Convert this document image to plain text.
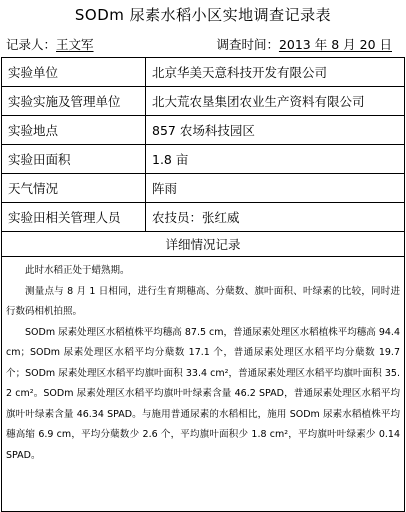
SODm 尿素水稻小区实地调查记录表
记录人：王文军	调查时间：2013 年 8 月 20 日
实验单位	北京华美天意科技开发有限公司
实验实施及管理单位	北大荒农垦集团农业生产资料有限公司
实验地点	857 农场科技园区
实验田面积	1.8 亩
天气情况	阵雨
实验田相关管理人员	农技员：张红威
详细情况记录	

此时水稻正处于蜡熟期。

测量点与 8 月 1 日相同，进行生育期穗高、分蘖数、旗叶面积、叶绿素的比较，同时进行数码相机拍照。

SODm 尿素处理区水稻植株平均穗高 87.5 cm，普通尿素处理区水稻植株平均穗高 94.4 cm；SODm 尿素处理区水稻平均分蘖数 17.1 个，普通尿素处理区水稻平均分蘖数 19.7 个；SODm 尿素处理区水稻平均旗叶面积 33.4 cm²，普通尿素处理区水稻平均旗叶面积 35.2 cm²。SODm 尿素处理区水稻平均旗叶叶绿素含量 46.2 SPAD，普通尿素处理区水稻平均旗叶叶绿素含量 46.34 SPAD。与施用普通尿素的水稻相比，施用 SODm 尿素水稻植株平均穗高缩 6.9 cm，平均分蘖数少 2.6 个，平均旗叶面积少 1.8 cm²，平均旗叶叶绿素少 0.14 SPAD。	
